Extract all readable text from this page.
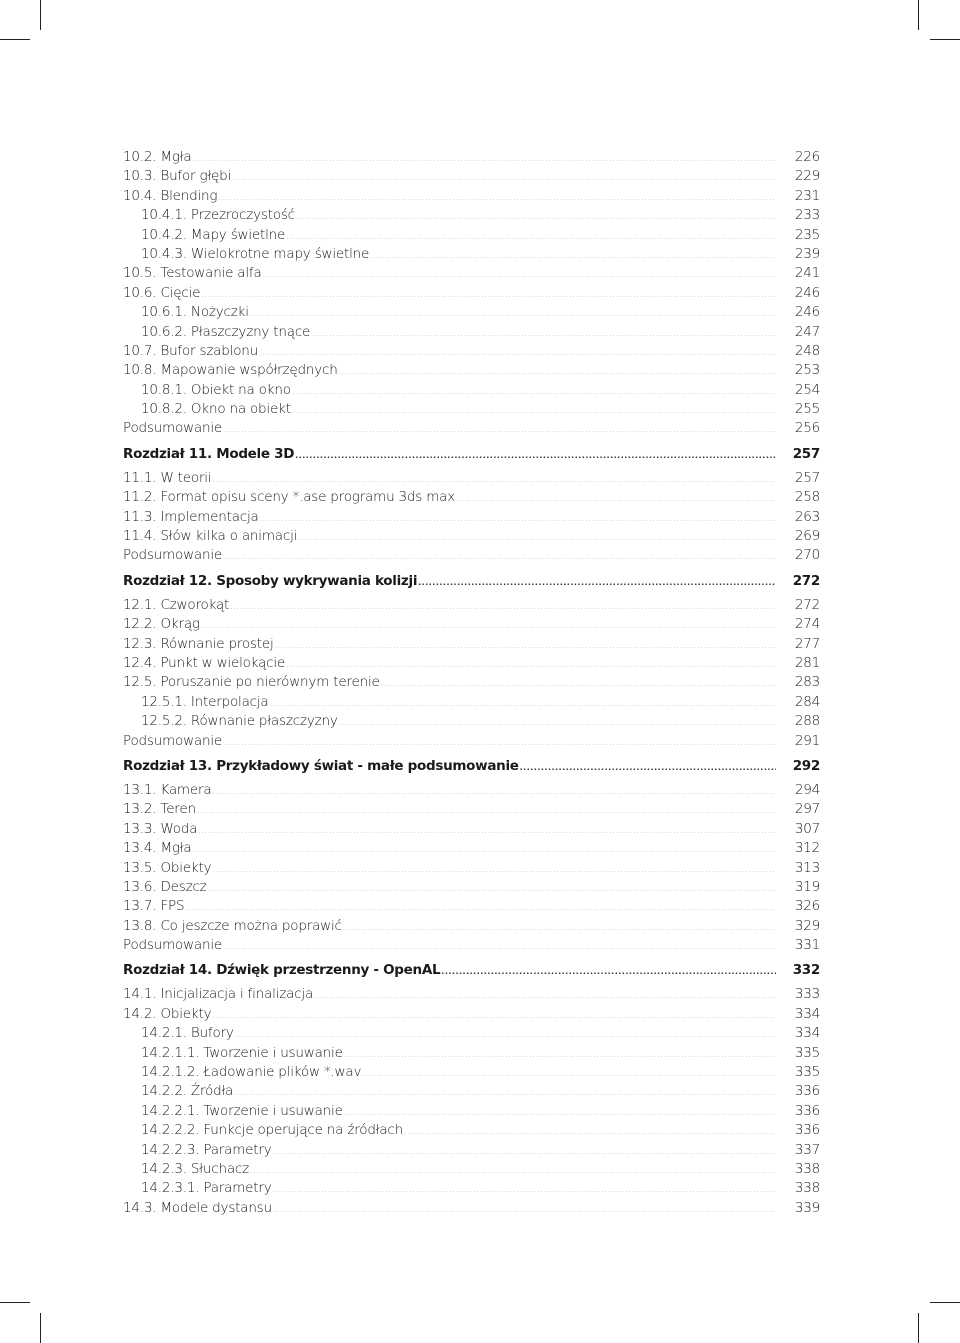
10.2. Mgła .....	226
10.3. Bufor głębi .....	229
10.4. Blending .....	231
10.4.1. Przezroczystość .....	233
10.4.2. Mapy świetlne .....	235
10.4.3. Wielokrotne mapy świetlne .....	239
10.5. Testowanie alfa .....	241
10.6. Cięcie .....	246
10.6.1. Nożyczki .....	246
10.6.2. Płaszczyzny tnące .....	247
10.7. Bufor szablonu .....	248
10.8. Mapowanie współrzędnych .....	253
10.8.1. Obiekt na okno .....	254
10.8.2. Okno na obiekt .....	255
Podsumowanie .....	256
Rozdział 11. Modele 3D .....	257
11.1. W teorii .....	257
11.2. Format opisu sceny *.ase programu 3ds max .....	258
11.3. Implementacja .....	263
11.4. Słów kilka o animacji .....	269
Podsumowanie .....	270
Rozdział 12. Sposoby wykrywania kolizji .....	272
12.1. Czworokąt .....	272
12.2. Okrąg .....	274
12.3. Równanie prostej .....	277
12.4. Punkt w wielokącie .....	281
12.5. Poruszanie po nierównym terenie .....	283
12.5.1. Interpolacja .....	284
12.5.2. Równanie płaszczyzny .....	288
Podsumowanie .....	291
Rozdział 13. Przykładowy świat - małe podsumowanie .....	292
13.1. Kamera .....	294
13.2. Teren .....	297
13.3. Woda .....	307
13.4. Mgła .....	312
13.5. Obiekty .....	313
13.6. Deszcz .....	319
13.7. FPS .....	326
13.8. Co jeszcze można poprawić .....	329
Podsumowanie .....	331
Rozdział 14. Dźwięk przestrzenny - OpenAL .....	332
14.1. Inicjalizacja i finalizacja .....	333
14.2. Obiekty .....	334
14.2.1. Bufory .....	334
14.2.1.1. Tworzenie i usuwanie .....	335
14.2.1.2. Ładowanie plików *.wav .....	335
14.2.2. Źródła .....	336
14.2.2.1. Tworzenie i usuwanie .....	336
14.2.2.2. Funkcje operujące na źródłach .....	336
14.2.2.3. Parametry .....	337
14.2.3. Słuchacz .....	338
14.2.3.1. Parametry .....	338
14.3. Modele dystansu .....	339
